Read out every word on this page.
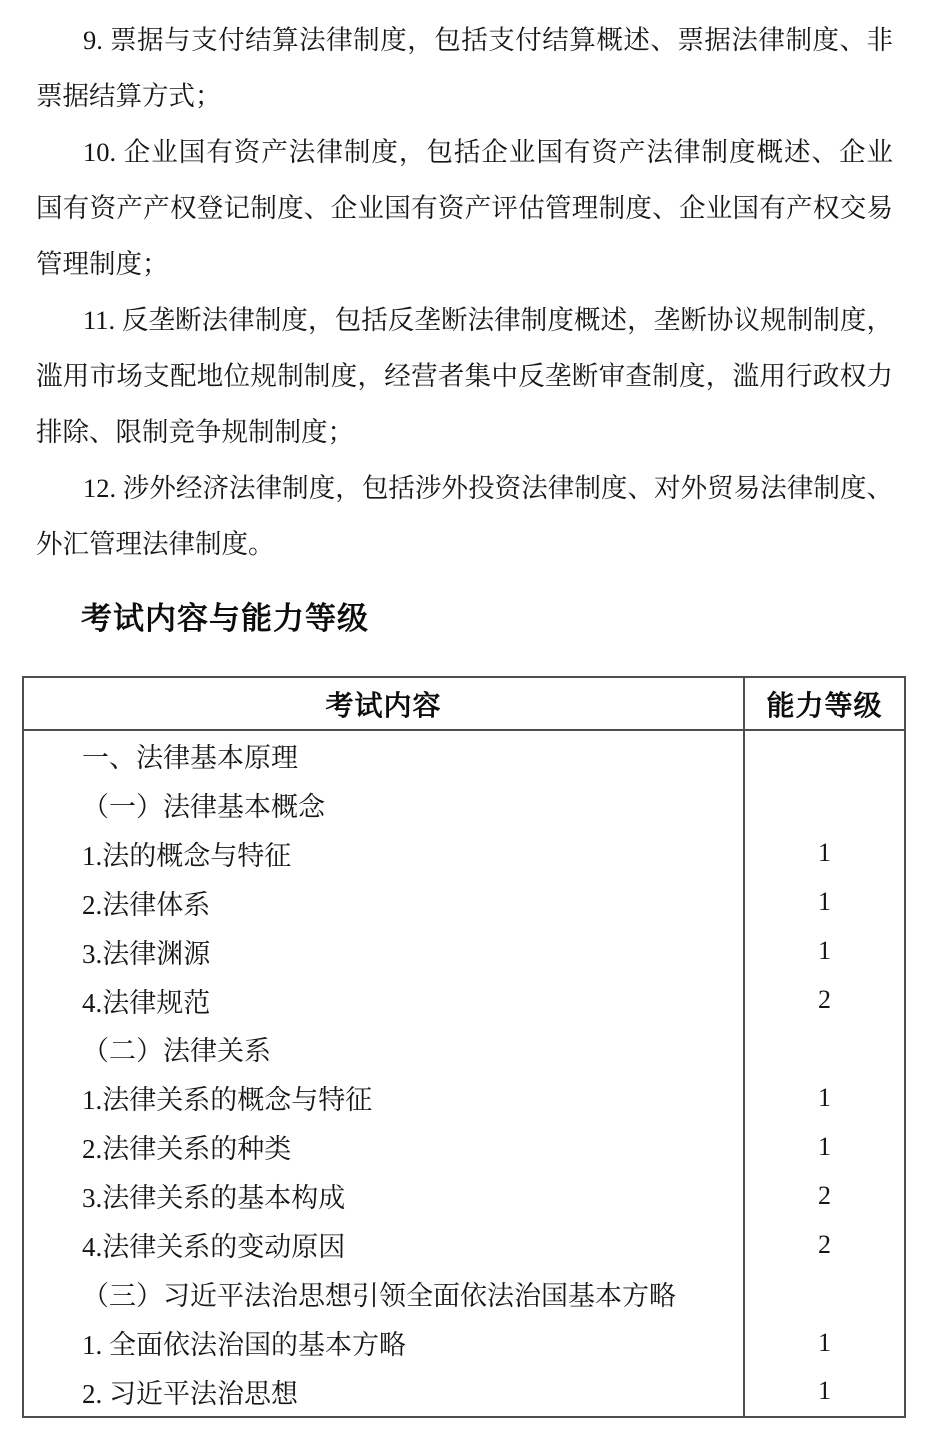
9. 票据与支付结算法律制度，包括支付结算概述、票据法律制度、非

票据结算方式；

10. 企业国有资产法律制度，包括企业国有资产法律制度概述、企业

国有资产产权登记制度、企业国有资产评估管理制度、企业国有产权交易

管理制度；

11. 反垄断法律制度，包括反垄断法律制度概述，垄断协议规制制度，

滥用市场支配地位规制制度，经营者集中反垄断审查制度，滥用行政权力

排除、限制竞争规制制度；

12. 涉外经济法律制度，包括涉外投资法律制度、对外贸易法律制度、

外汇管理法律制度。

考试内容与能力等级
考试内容	能力等级
一、法律基本原理
（一）法律基本概念
1.法的概念与特征	1
2.法律体系	1
3.法律渊源	1
4.法律规范	2
（二）法律关系
1.法律关系的概念与特征	1
2.法律关系的种类	1
3.法律关系的基本构成	2
4.法律关系的变动原因	2
（三）习近平法治思想引领全面依法治国基本方略
1. 全面依法治国的基本方略	1
2. 习近平法治思想	1
